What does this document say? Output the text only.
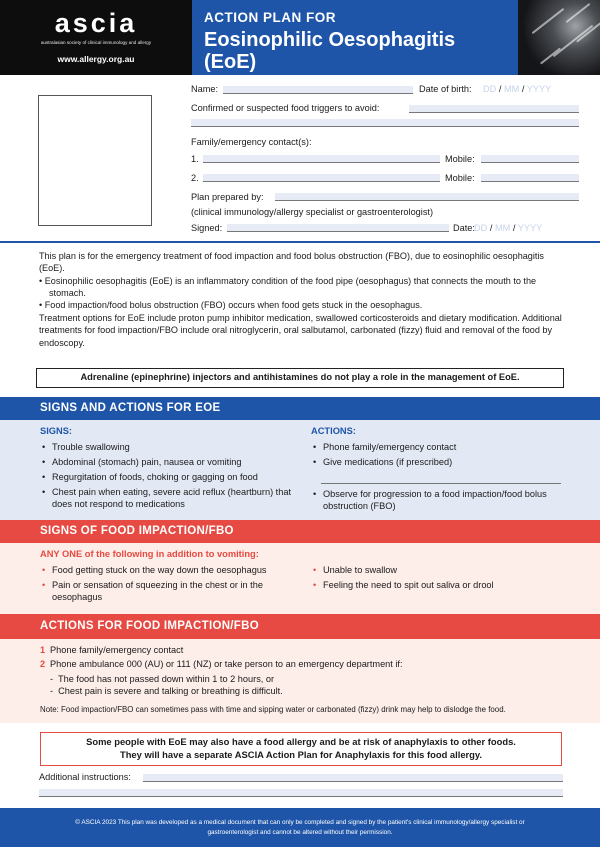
ascia
australasian society of clinical immunology and allergy
www.allergy.org.au
ACTION PLAN FOR
Eosinophilic Oesophagitis
(EoE)
Name:	Date of birth: DD / MM / YYYY
Confirmed or suspected food triggers to avoid:
Family/emergency contact(s):
1.	Mobile:
2.	Mobile:
Plan prepared by:
(clinical immunology/allergy specialist or gastroenterologist)
Signed:	Date: DD / MM / YYYY

This plan is for the emergency treatment of food impaction and food bolus obstruction (FBO), due to eosinophilic oesophagitis (EoE).

• Eosinophilic oesophagitis (EoE) is an inflammatory condition of the food pipe (oesophagus) that connects the mouth to the stomach.

• Food impaction/food bolus obstruction (FBO) occurs when food gets stuck in the oesophagus.

Treatment options for EoE include proton pump inhibitor medication, swallowed corticosteroids and dietary modification. Additional treatments for food impaction/FBO include oral nitroglycerin, oral salbutamol, carbonated (fizzy) fluid and removal of the food by endoscopy.

Adrenaline (epinephrine) injectors and antihistamines do not play a role in the management of EoE.
SIGNS AND ACTIONS FOR EOE
SIGNS:
• Trouble swallowing
• Abdominal (stomach) pain, nausea or vomiting
• Regurgitation of foods, choking or gagging on food
• Chest pain when eating, severe acid reflux (heartburn) that does not respond to medications
ACTIONS:
• Phone family/emergency contact
• Give medications (if prescribed)
• Observe for progression to a food impaction/food bolus obstruction (FBO)
SIGNS OF FOOD IMPACTION/FBO
ANY ONE of the following in addition to vomiting:
• Food getting stuck on the way down the oesophagus
• Pain or sensation of squeezing in the chest or in the oesophagus
• Unable to swallow
• Feeling the need to spit out saliva or drool
ACTIONS FOR FOOD IMPACTION/FBO
1 Phone family/emergency contact
2 Phone ambulance 000 (AU) or 111 (NZ) or take person to an emergency department if:
- The food has not passed down within 1 to 2 hours, or
- Chest pain is severe and talking or breathing is difficult.
Note: Food impaction/FBO can sometimes pass with time and sipping water or carbonated (fizzy) drink may help to dislodge the food.
Some people with EoE may also have a food allergy and be at risk of anaphylaxis to other foods.
They will have a separate ASCIA Action Plan for Anaphylaxis for this food allergy.
Additional instructions:
© ASCIA 2023 This plan was developed as a medical document that can only be completed and signed by the patient's clinical immunology/allergy specialist or
gastroenterologist and cannot be altered without their permission.
